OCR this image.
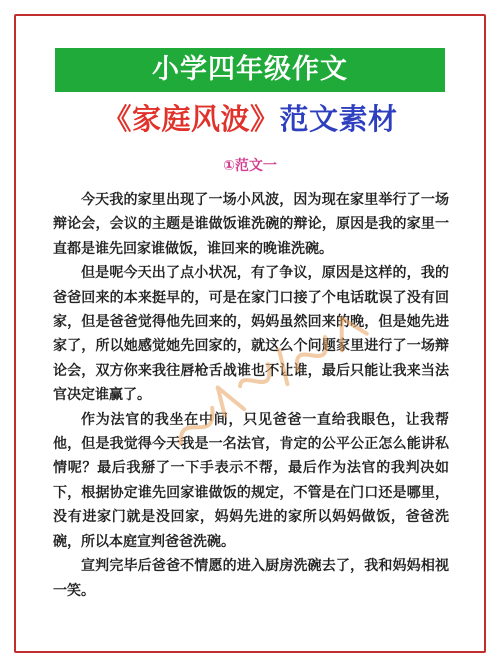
小学四年级作文
《家庭风波》范文素材
①范文一

今天我的家里出现了一场小风波，因为现在家里举行了一场辩论会，会议的主题是谁做饭谁洗碗的辩论，原因是我的家里一直都是谁先回家谁做饭，谁回来的晚谁洗碗。

但是呢今天出了点小状况，有了争议，原因是这样的，我的爸爸回来的本来挺早的，可是在家门口接了个电话耽误了没有回家，但是爸爸觉得他先回来的，妈妈虽然回来的晚，但是她先进家了，所以她感觉她先回家的，就这么个问题家里进行了一场辩论会，双方你来我往唇枪舌战谁也不让谁，最后只能让我来当法官决定谁赢了。

作为法官的我坐在中间，只见爸爸一直给我眼色，让我帮他，但是我觉得今天我是一名法官，肯定的公平公正怎么能讲私情呢？最后我掰了一下手表示不帮，最后作为法官的我判决如下，根据协定谁先回家谁做饭的规定，不管是在门口还是哪里，没有进家门就是没回家，妈妈先进的家所以妈妈做饭，爸爸洗碗，所以本庭宣判爸爸洗碗。

宣判完毕后爸爸不情愿的进入厨房洗碗去了，我和妈妈相视一笑。
